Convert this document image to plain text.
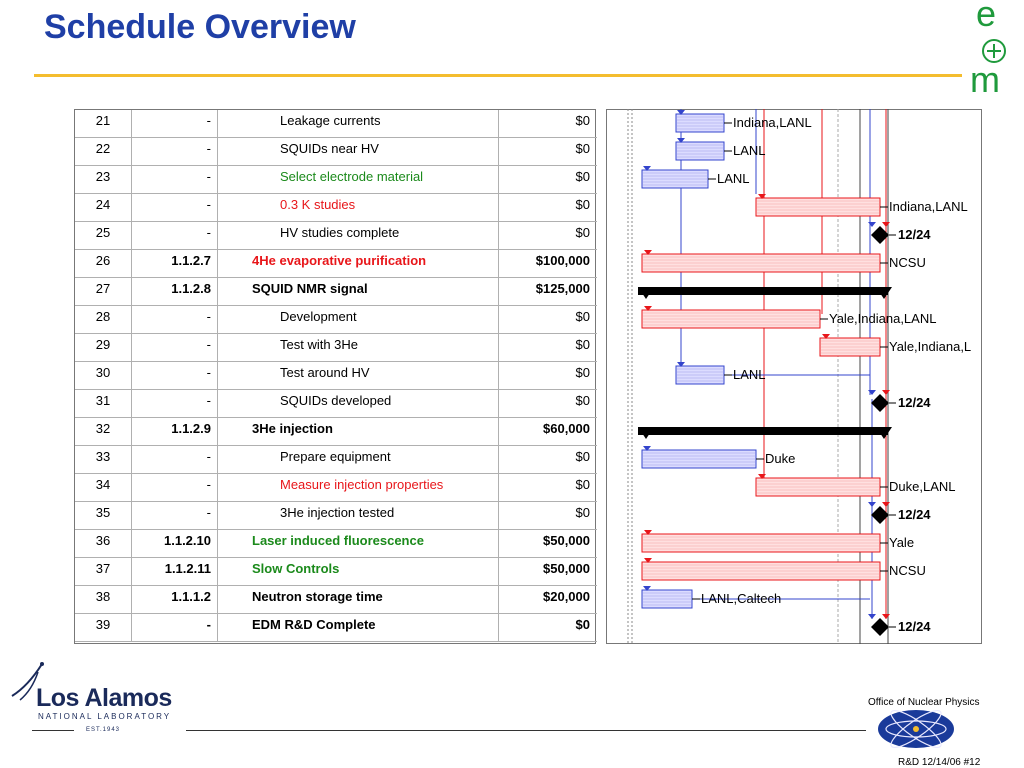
Schedule Overview	e
m
21	-	Leakage currents	$0
22	-	SQUIDs near HV	$0
23	-	Select electrode material	$0
24	-	0.3 K studies	$0
25	-	HV studies complete	$0
26	1.1.2.7	4He evaporative purification	$100,000
27	1.1.2.8	SQUID NMR signal	$125,000
28	-	Development	$0
29	-	Test with 3He	$0
30	-	Test around HV	$0
31	-	SQUIDs developed	$0
32	1.1.2.9	3He injection	$60,000
33	-	Prepare equipment	$0
34	-	Measure injection properties	$0
35	-	3He injection tested	$0
36	1.1.2.10	Laser induced fluorescence	$50,000
37	1.1.2.11	Slow Controls	$50,000
38	1.1.1.2	Neutron storage time	$20,000
39	-	EDM R&D Complete	$0
Indiana,LANL
LANL
LANL
Indiana,LANL
12/24
NCSU
Yale,Indiana,LANL
Yale,Indiana,L
LANL
12/24
Duke
Duke,LANL
12/24
Yale
NCSU
LANL,Caltech
12/24
Los Alamos
NATIONAL LABORATORY
EST.1943
Office of Nuclear Physics
R&D 12/14/06 #12
